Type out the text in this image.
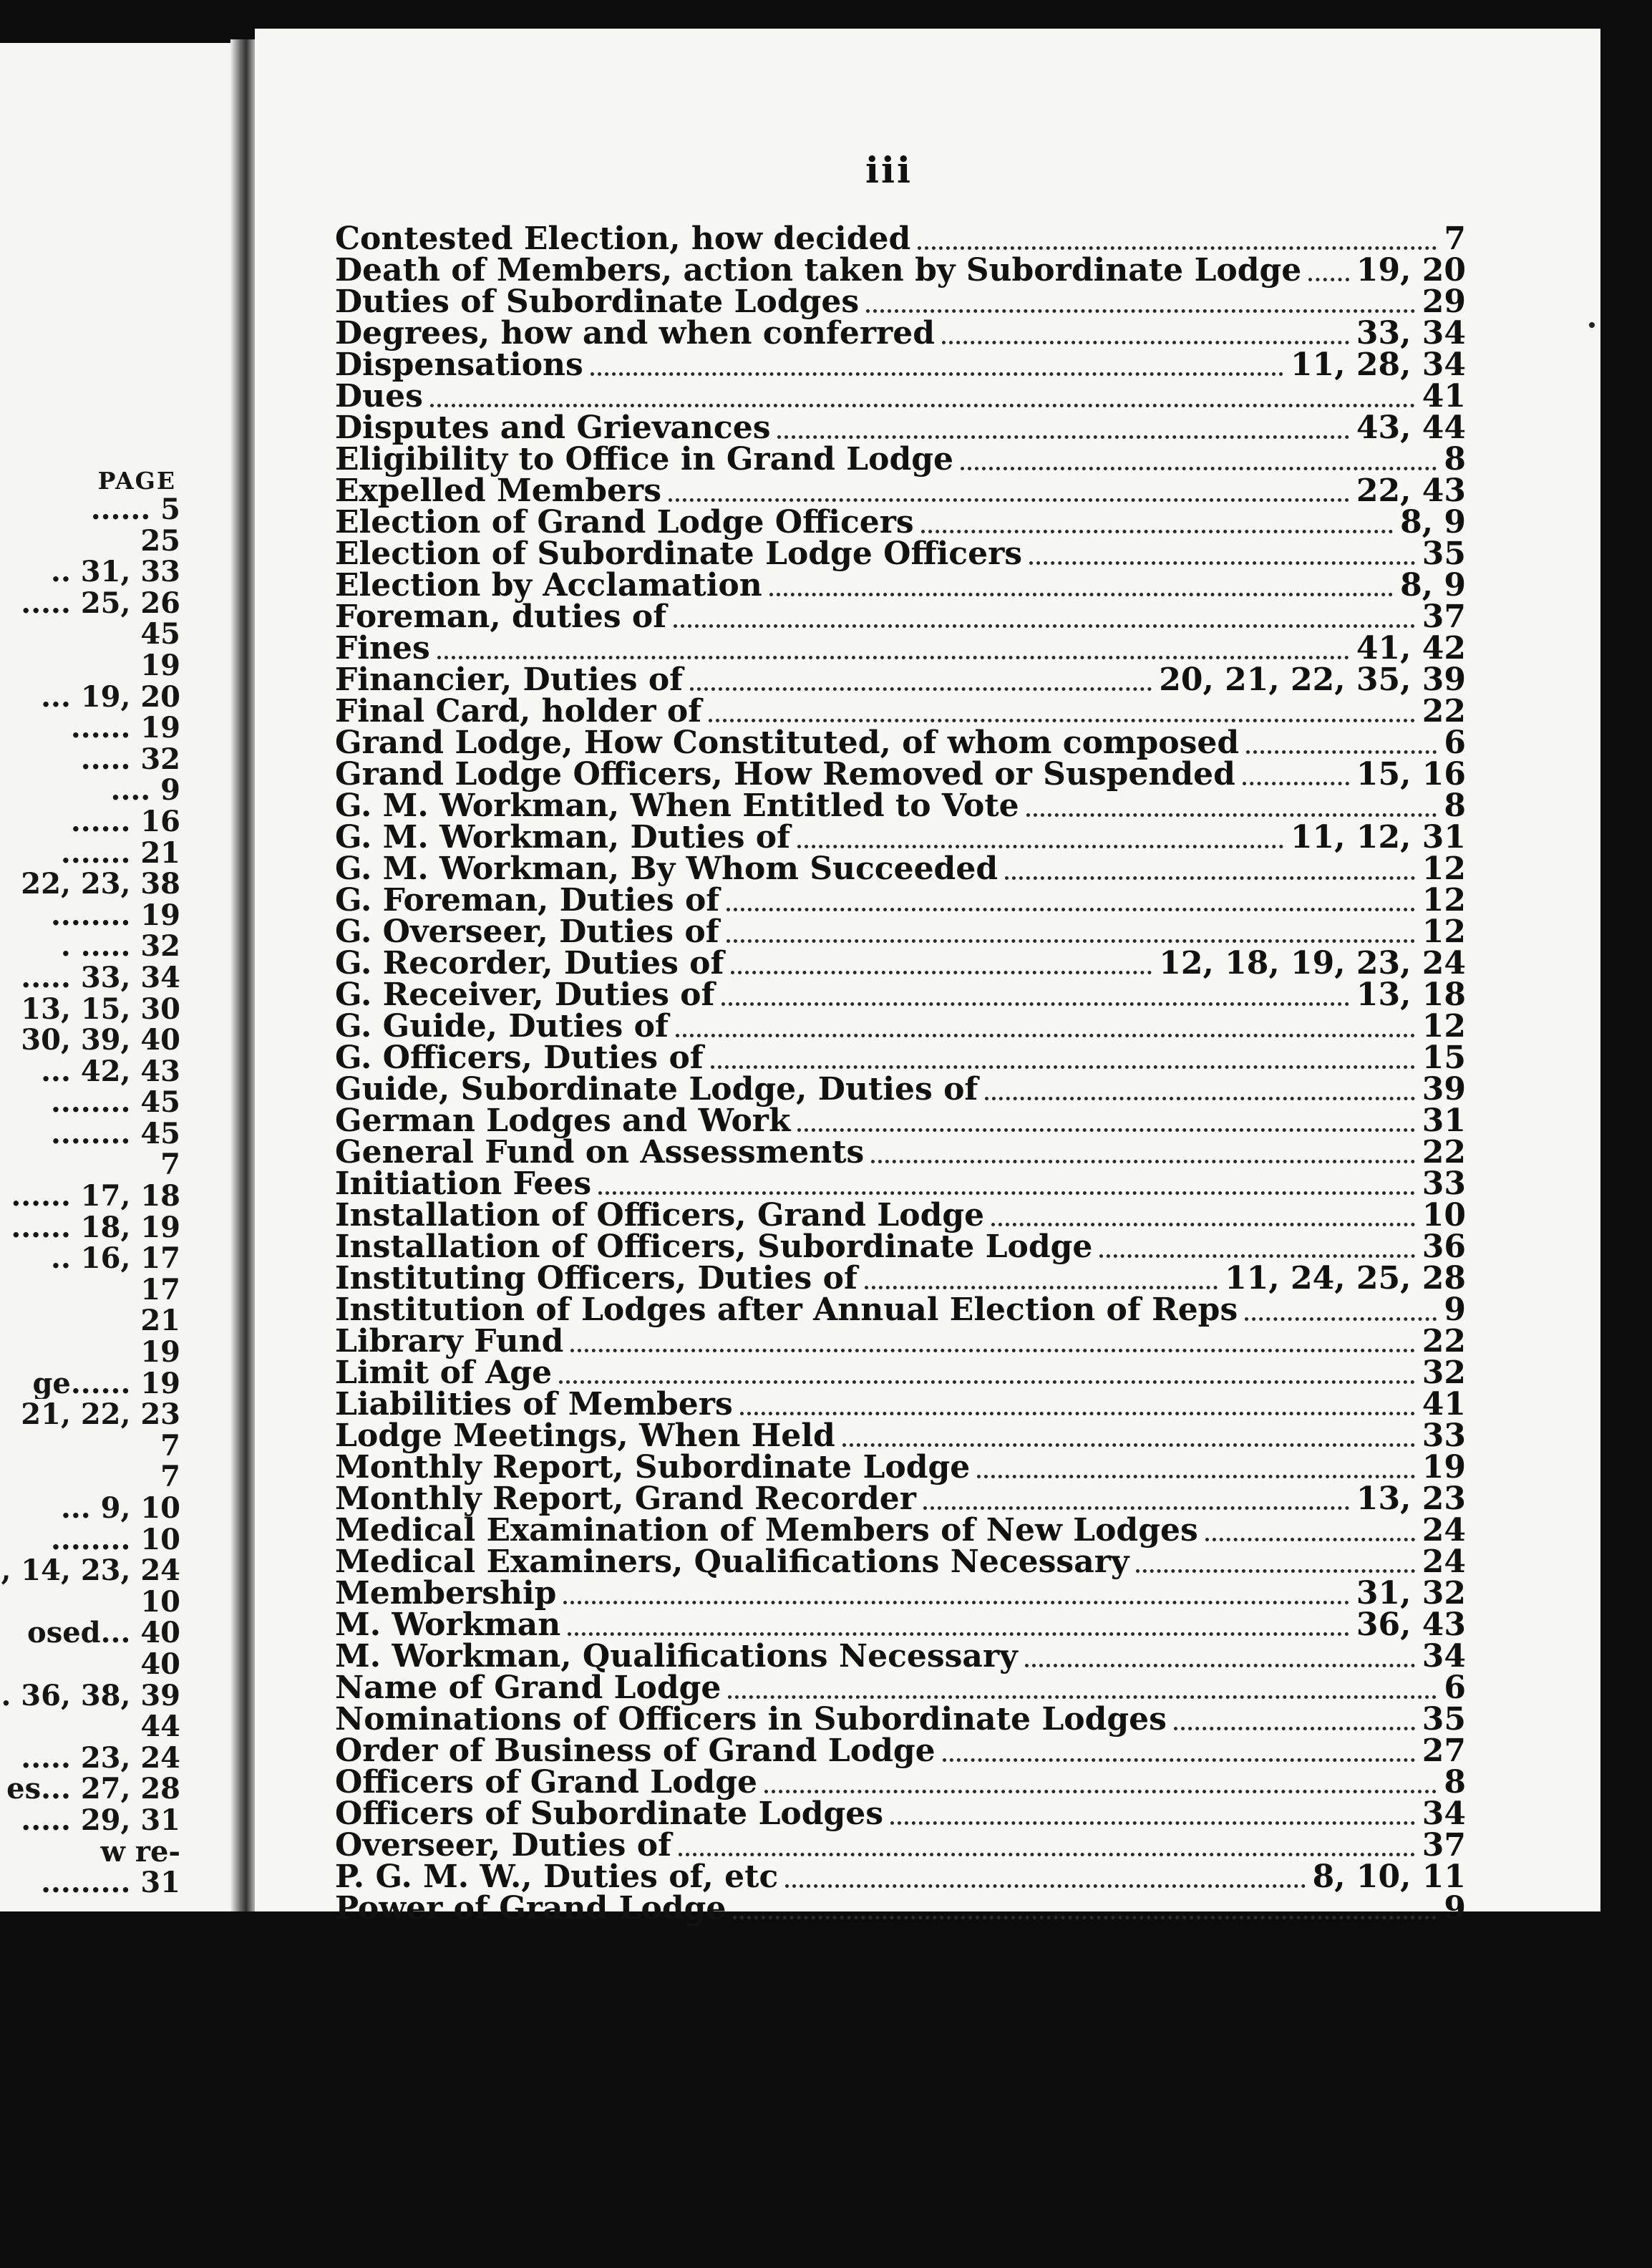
PAGE
...... 5
25
.. 31, 33
..... 25, 26
45
19
... 19, 20
...... 19
..... 32
.... 9
...... 16
....... 21
22, 23, 38
........ 19
. ..... 32
..... 33, 34
13, 15, 30
30, 39, 40
... 42, 43
........ 45
........ 45
7
...... 17, 18
...... 18, 19
.. 16, 17
17
21
19
ge...... 19
21, 22, 23
7
7
... 9, 10
........ 10
, 14, 23, 24
10
osed... 40
40
. 36, 38, 39
44
..... 23, 24
es... 27, 28
..... 29, 31
w re-
......... 31
iii
Contested Election, how decided	7
Death of Members, action taken by Subordinate Lodge 19, 20
Duties of Subordinate Lodges	29
Degrees, how and when conferred	33, 34
Dispensations	11, 28, 34
Dues	41
Disputes and Grievances	43, 44
Eligibility to Office in Grand Lodge	8
Expelled Members	22, 43
Election of Grand Lodge Officers	8, 9
Election of Subordinate Lodge Officers	35
Election by Acclamation	8, 9
Foreman, duties of	37
Fines	41, 42
Financier, Duties of	20, 21, 22, 35, 39
Final Card, holder of	22
Grand Lodge, How Constituted, of whom composed	6
Grand Lodge Officers, How Removed or Suspended	15, 16
G. M. Workman, When Entitled to Vote	8
G. M. Workman, Duties of	11, 12, 31
G. M. Workman, By Whom Succeeded	12
G. Foreman, Duties of	12
G. Overseer, Duties of	12
G. Recorder, Duties of	12, 18, 19, 23, 24
G. Receiver, Duties of	13, 18
G. Guide, Duties of	12
G. Officers, Duties of	15
Guide, Subordinate Lodge, Duties of	39
German Lodges and Work	31
General Fund on Assessments	22
Initiation Fees	33
Installation of Officers, Grand Lodge	10
Installation of Officers, Subordinate Lodge	36
Instituting Officers, Duties of	11, 24, 25, 28
Institution of Lodges after Annual Election of Reps	9
Library Fund	22
Limit of Age	32
Liabilities of Members	41
Lodge Meetings, When Held	33
Monthly Report, Subordinate Lodge	19
Monthly Report, Grand Recorder	13, 23
Medical Examination of Members of New Lodges	24
Medical Examiners, Qualifications Necessary	24
Membership	31, 32
M. Workman	36, 43
M. Workman, Qualifications Necessary	34
Name of Grand Lodge	6
Nominations of Officers in Subordinate Lodges	35
Order of Business of Grand Lodge	27
Officers of Grand Lodge	8
Officers of Subordinate Lodges	34
Overseer, Duties of	37
P. G. M. W., Duties of, etc	8, 10, 11
Power of Grand Lodge	9
